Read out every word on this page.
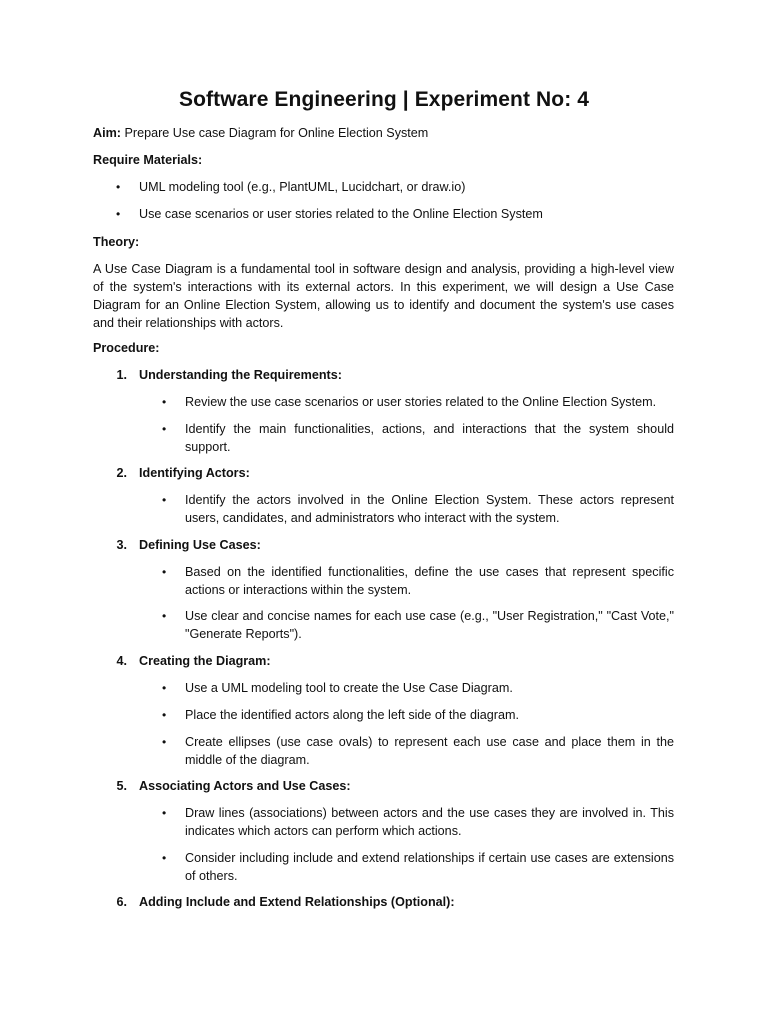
Software Engineering | Experiment No: 4
Aim: Prepare Use case Diagram for Online Election System
Require Materials:
• UML modeling tool (e.g., PlantUML, Lucidchart, or draw.io)
• Use case scenarios or user stories related to the Online Election System
Theory:
A Use Case Diagram is a fundamental tool in software design and analysis, providing a high-level view of the system's interactions with its external actors. In this experiment, we will design a Use Case Diagram for an Online Election System, allowing us to identify and document the system's use cases and their relationships with actors.
Procedure:
1. Understanding the Requirements:
• Review the use case scenarios or user stories related to the Online Election System.
• Identify the main functionalities, actions, and interactions that the system should support.
2. Identifying Actors:
• Identify the actors involved in the Online Election System. These actors represent users, candidates, and administrators who interact with the system.
3. Defining Use Cases:
• Based on the identified functionalities, define the use cases that represent specific actions or interactions within the system.
• Use clear and concise names for each use case (e.g., "User Registration," "Cast Vote," "Generate Reports").
4. Creating the Diagram:
• Use a UML modeling tool to create the Use Case Diagram.
• Place the identified actors along the left side of the diagram.
• Create ellipses (use case ovals) to represent each use case and place them in the middle of the diagram.
5. Associating Actors and Use Cases:
• Draw lines (associations) between actors and the use cases they are involved in. This indicates which actors can perform which actions.
• Consider including include and extend relationships if certain use cases are extensions of others.
6. Adding Include and Extend Relationships (Optional):
